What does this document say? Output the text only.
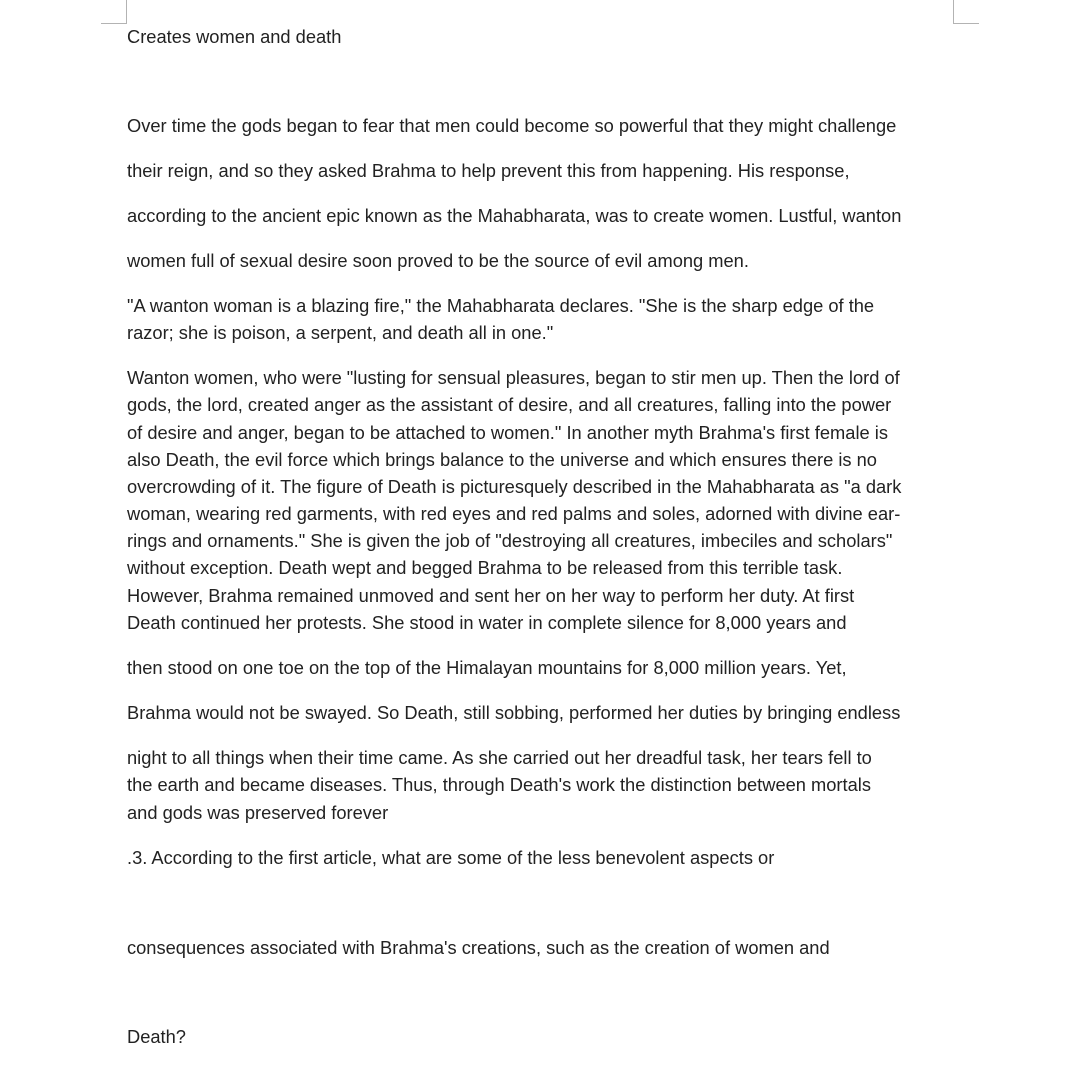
Creates women and death
Over time the gods began to fear that men could become so powerful that they might challenge
their reign, and so they asked Brahma to help prevent this from happening. His response,
according to the ancient epic known as the Mahabharata, was to create women. Lustful, wanton
women full of sexual desire soon proved to be the source of evil among men.
"A wanton woman is a blazing fire," the Mahabharata declares. "She is the sharp edge of the
razor; she is poison, a serpent, and death all in one."
Wanton women, who were "lusting for sensual pleasures, began to stir men up. Then the lord of
gods, the lord, created anger as the assistant of desire, and all creatures, falling into the power
of desire and anger, began to be attached to women." In another myth Brahma's first female is
also Death, the evil force which brings balance to the universe and which ensures there is no
overcrowding of it. The figure of Death is picturesquely described in the Mahabharata as "a dark
woman, wearing red garments, with red eyes and red palms and soles, adorned with divine ear-
rings and ornaments." She is given the job of "destroying all creatures, imbeciles and scholars"
without exception. Death wept and begged Brahma to be released from this terrible task.
However, Brahma remained unmoved and sent her on her way to perform her duty. At first
Death continued her protests. She stood in water in complete silence for 8,000 years and
then stood on one toe on the top of the Himalayan mountains for 8,000 million years. Yet,
Brahma would not be swayed. So Death, still sobbing, performed her duties by bringing endless
night to all things when their time came. As she carried out her dreadful task, her tears fell to
the earth and became diseases. Thus, through Death's work the distinction between mortals
and gods was preserved forever
.3. According to the first article, what are some of the less benevolent aspects or
consequences associated with Brahma's creations, such as the creation of women and
Death?
